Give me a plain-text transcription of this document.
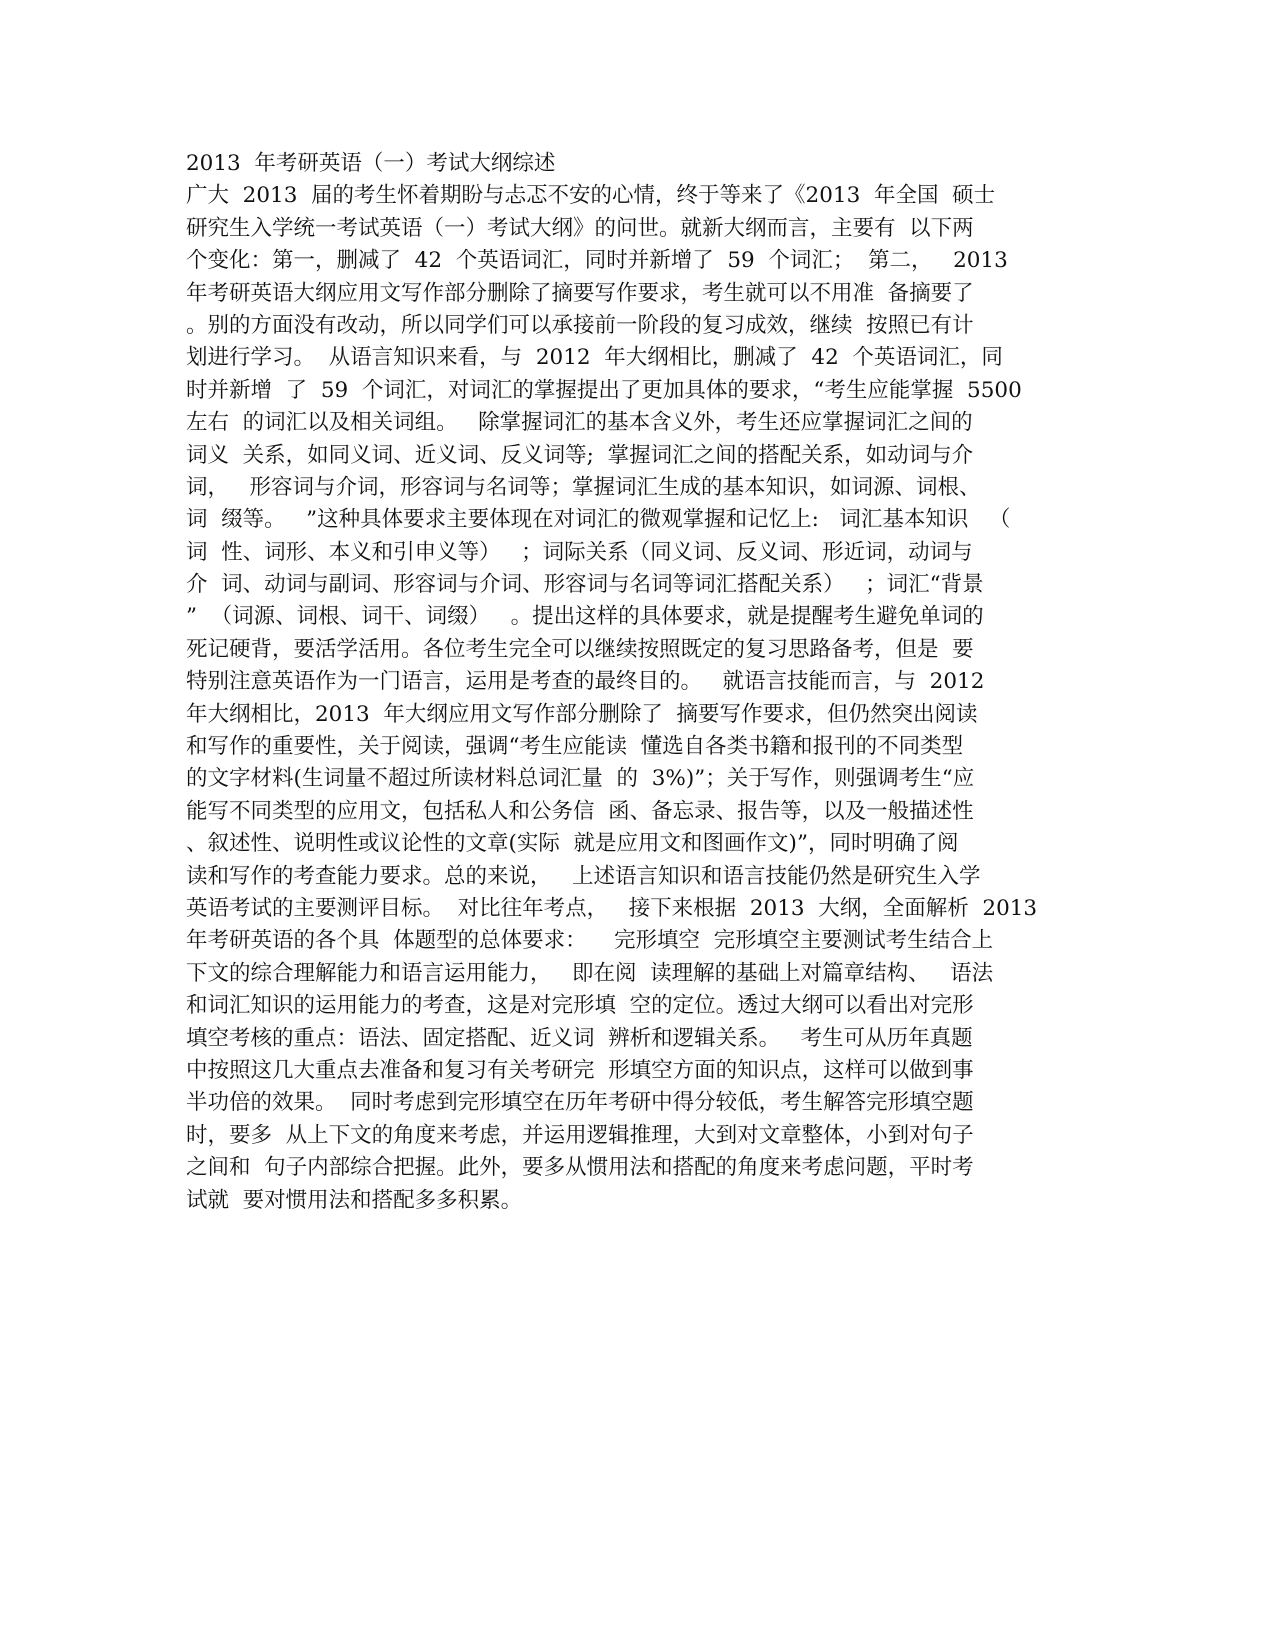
2013  年考研英语（一）考试大纲综述
广大  2013  届的考生怀着期盼与忐忑不安的心情，终于等来了《2013  年全国  硕士
研究生入学统一考试英语（一）考试大纲》的问世。就新大纲而言，主要有  以下两
个变化：第一，删减了  42  个英语词汇，同时并新增了  59  个词汇；  第二，   2013
年考研英语大纲应用文写作部分删除了摘要写作要求，考生就可以不用准  备摘要了
。别的方面没有改动，所以同学们可以承接前一阶段的复习成效，继续  按照已有计
划进行学习。  从语言知识来看，与  2012  年大纲相比，删减了  42  个英语词汇，同
时并新增  了  59  个词汇，对词汇的掌握提出了更加具体的要求，“考生应能掌握  5500
左右  的词汇以及相关词组。   除掌握词汇的基本含义外，考生还应掌握词汇之间的
词义  关系，如同义词、近义词、反义词等;  掌握词汇之间的搭配关系，如动词与介
词，   形容词与介词，形容词与名词等；掌握词汇生成的基本知识，如词源、词根、
词  缀等。   ”这种具体要求主要体现在对词汇的微观掌握和记忆上:   词汇基本知识   （
词  性、词形、本义和引申义等）   ；词际关系（同义词、反义词、形近词，动词与
介  词、动词与副词、形容词与介词、形容词与名词等词汇搭配关系）   ；词汇“背景
”  （词源、词根、词干、词缀）   。提出这样的具体要求，就是提醒考生避免单词的
死记硬背，要活学活用。各位考生完全可以继续按照既定的复习思路备考，但是  要
特别注意英语作为一门语言，运用是考查的最终目的。   就语言技能而言，与  2012
年大纲相比，2013  年大纲应用文写作部分删除了  摘要写作要求，但仍然突出阅读
和写作的重要性，关于阅读，强调“考生应能读  懂选自各类书籍和报刊的不同类型
的文字材料(生词量不超过所读材料总词汇量  的  3%)”；关于写作，则强调考生“应
能写不同类型的应用文，包括私人和公务信  函、备忘录、报告等，以及一般描述性
、叙述性、说明性或议论性的文章(实际  就是应用文和图画作文)”，同时明确了阅
读和写作的考查能力要求。总的来说，   上述语言知识和语言技能仍然是研究生入学
英语考试的主要测评目标。  对比往年考点，   接下来根据  2013  大纲，全面解析  2013
年考研英语的各个具  体题型的总体要求：    完形填空  完形填空主要测试考生结合上
下文的综合理解能力和语言运用能力，   即在阅  读理解的基础上对篇章结构、   语法
和词汇知识的运用能力的考查，这是对完形填  空的定位。透过大纲可以看出对完形
填空考核的重点：语法、固定搭配、近义词  辨析和逻辑关系。   考生可从历年真题
中按照这几大重点去准备和复习有关考研完  形填空方面的知识点，这样可以做到事
半功倍的效果。  同时考虑到完形填空在历年考研中得分较低，考生解答完形填空题
时，要多  从上下文的角度来考虑，并运用逻辑推理，大到对文章整体，小到对句子
之间和  句子内部综合把握。此外，要多从惯用法和搭配的角度来考虑问题，平时考
试就  要对惯用法和搭配多多积累。
